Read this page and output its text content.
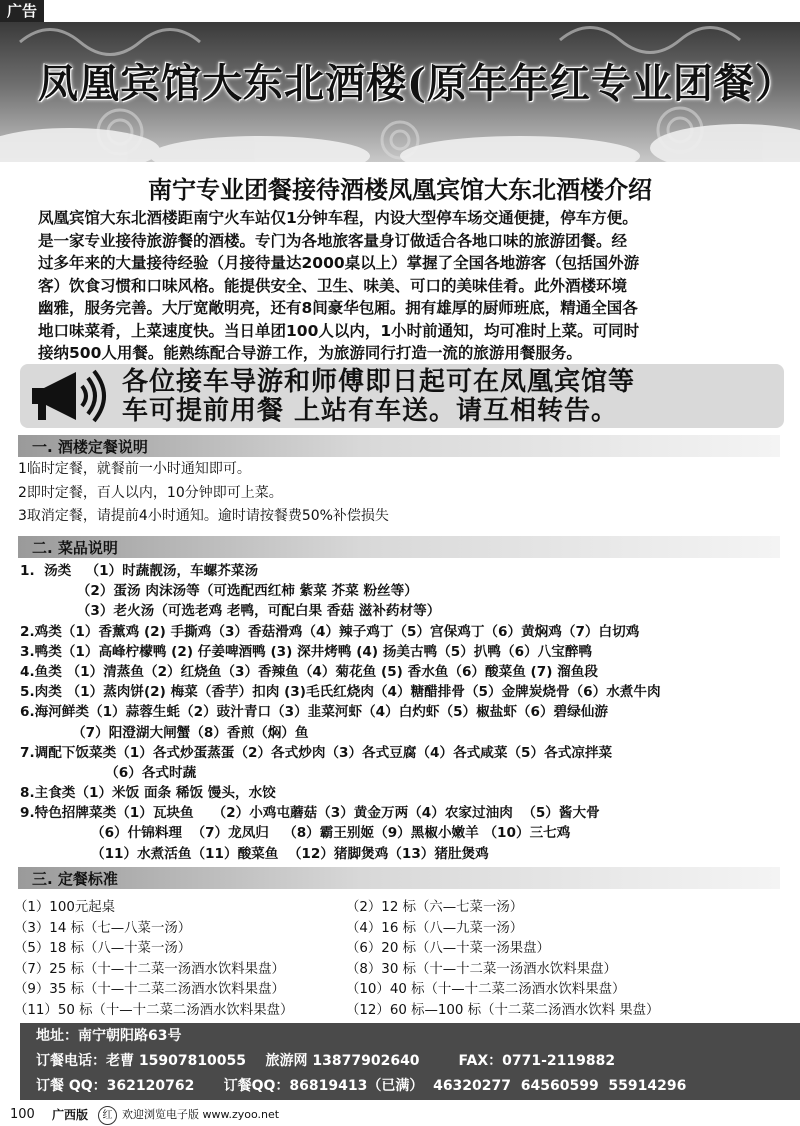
广告
凤凰宾馆大东北酒楼(原年年红专业团餐）
南宁专业团餐接待酒楼凤凰宾馆大东北酒楼介绍
凤凰宾馆大东北酒楼距南宁火车站仅1分钟车程，内设大型停车场交通便捷，停车方便。
是一家专业接待旅游餐的酒楼。专门为各地旅客量身订做适合各地口味的旅游团餐。经
过多年来的大量接待经验（月接待量达2000桌以上）掌握了全国各地游客（包括国外游
客）饮食习惯和口味风格。能提供安全、卫生、味美、可口的美味佳肴。此外酒楼环境
幽雅，服务完善。大厅宽敞明亮，还有8间豪华包厢。拥有雄厚的厨师班底，精通全国各
地口味菜肴，上菜速度快。当日单团100人以内，1小时前通知，均可准时上菜。可同时
接纳500人用餐。能熟练配合导游工作，为旅游同行打造一流的旅游用餐服务。
各位接车导游和师傅即日起可在凤凰宾馆等
车可提前用餐 上站有车送。请互相转告。
一. 酒楼定餐说明
1临时定餐，就餐前一小时通知即可。
2即时定餐，百人以内，10分钟即可上菜。
3取消定餐，请提前4小时通知。逾时请按餐费50%补偿损失
二. 菜品说明
1.  汤类   （1）时蔬靓汤，车螺芥菜汤
（2）蛋汤 肉沫汤等（可选配西红柿 紫菜 芥菜 粉丝等）
（3）老火汤（可选老鸡 老鸭，可配白果 香菇 滋补药材等）
2.鸡类（1）香薰鸡 (2) 手撕鸡（3）香菇滑鸡（4）辣子鸡丁（5）宫保鸡丁（6）黄焖鸡（7）白切鸡
3.鸭类（1）高峰柠檬鸭 (2) 仔姜啤酒鸭 (3) 深井烤鸭 (4) 扬美古鸭（5）扒鸭（6）八宝醉鸭
4.鱼类 （1）清蒸鱼（2）红烧鱼（3）香辣鱼（4）菊花鱼 (5) 香水鱼（6）酸菜鱼 (7) 溜鱼段
5.肉类 （1）蒸肉饼(2) 梅菜（香芋）扣肉 (3)毛氏红烧肉（4）糖醋排骨（5）金牌炭烧骨（6）水煮牛肉
6.海河鲜类（1）蒜蓉生蚝（2）豉汁青口（3）韭菜河虾（4）白灼虾（5）椒盐虾（6）碧绿仙游
（7）阳澄湖大闸蟹（8）香煎（焖）鱼
7.调配下饭菜类（1）各式炒蛋蒸蛋（2）各式炒肉（3）各式豆腐（4）各式咸菜（5）各式凉拌菜
（6）各式时蔬
8.主食类（1）米饭 面条 稀饭 馒头，水饺
9.特色招牌菜类（1）瓦块鱼    （2）小鸡屯蘑菇（3）黄金万两（4）农家过油肉  （5）酱大骨
（6）什锦料理  （7）龙凤归   （8）霸王别姬（9）黑椒小嫩羊 （10）三七鸡
（11）水煮活鱼（11）酸菜鱼  （12）猪脚煲鸡（13）猪肚煲鸡
三. 定餐标准
（1）100元起桌
（3）14 标（七—八菜一汤）
（5）18 标（八—十菜一汤）
（7）25 标（十—十二菜一汤酒水饮料果盘）
（9）35 标（十—十二菜二汤酒水饮料果盘）
（11）50 标（十—十二菜二汤酒水饮料果盘）
（2）12 标（六—七菜一汤）
（4）16 标（八—九菜一汤）
（6）20 标（八—十菜一汤果盘）
（8）30 标（十—十二菜一汤酒水饮料果盘）
（10）40 标（十—十二菜二汤酒水饮料果盘）
（12）60 标—100 标（十二菜二汤酒水饮料 果盘）
地址：南宁朝阳路63号
订餐电话：老曹 15907810055    旅游网 13877902640        FAX：0771-2119882
订餐 QQ：362120762      订餐QQ：86819413（已满）  46320277  64560599  55914296
100 广西版	红 欢迎浏览电子版 www.zyoo.net
